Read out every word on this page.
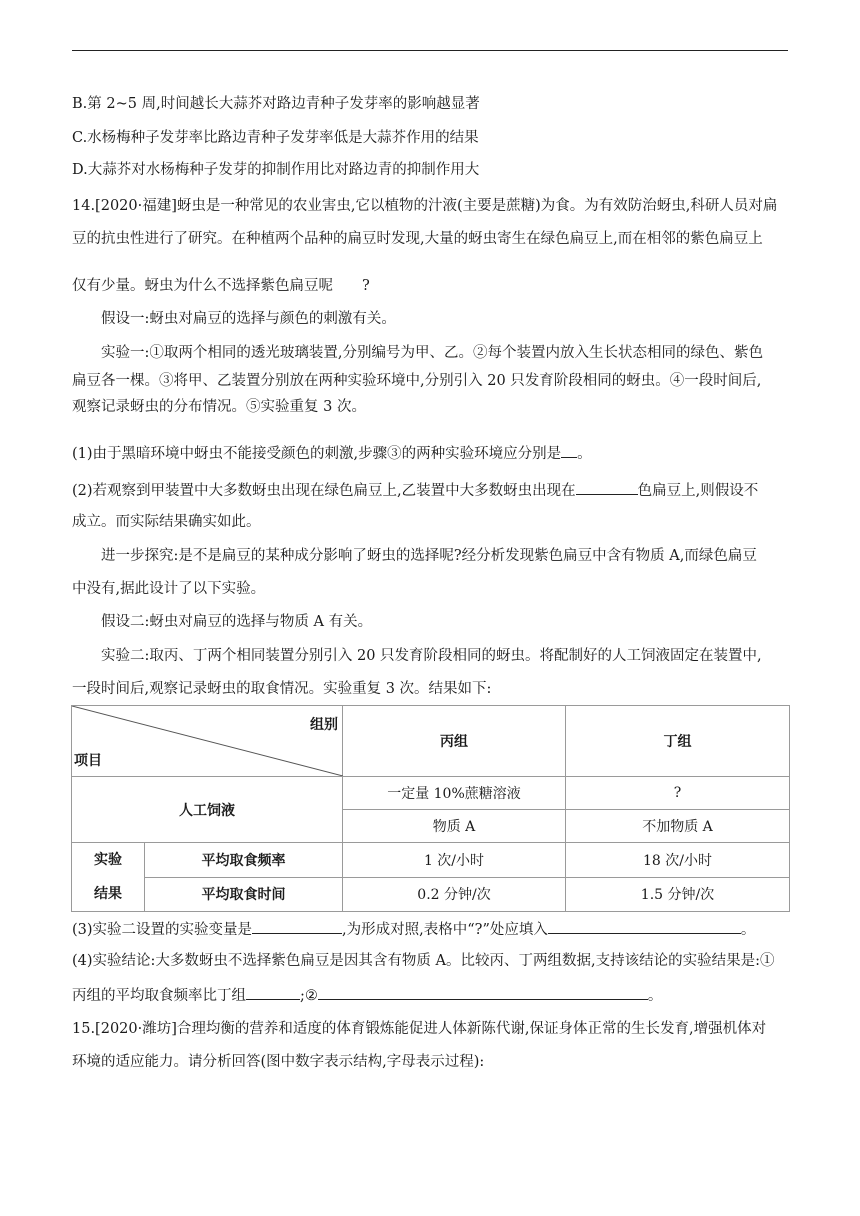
B.第 2~5 周,时间越长大蒜芥对路边青种子发芽率的影响越显著
C.水杨梅种子发芽率比路边青种子发芽率低是大蒜芥作用的结果
D.大蒜芥对水杨梅种子发芽的抑制作用比对路边青的抑制作用大
14.[2020·福建]蚜虫是一种常见的农业害虫,它以植物的汁液(主要是蔗糖)为食。为有效防治蚜虫,科研人员对扁
豆的抗虫性进行了研究。在种植两个品种的扁豆时发现,大量的蚜虫寄生在绿色扁豆上,而在相邻的紫色扁豆上
仅有少量。蚜虫为什么不选择紫色扁豆呢　　?
假设一:蚜虫对扁豆的选择与颜色的刺激有关。
实验一:①取两个相同的透光玻璃装置,分别编号为甲、乙。②每个装置内放入生长状态相同的绿色、紫色
扁豆各一棵。③将甲、乙装置分别放在两种实验环境中,分别引入 20 只发育阶段相同的蚜虫。④一段时间后,
观察记录蚜虫的分布情况。⑤实验重复 3 次。
(1)由于黑暗环境中蚜虫不能接受颜色的刺激,步骤③的两种实验环境应分别是 。
(2)若观察到甲装置中大多数蚜虫出现在绿色扁豆上,乙装置中大多数蚜虫出现在	色扁豆上,则假设不
成立。而实际结果确实如此。
进一步探究:是不是扁豆的某种成分影响了蚜虫的选择呢?经分析发现紫色扁豆中含有物质 A,而绿色扁豆
中没有,据此设计了以下实验。
假设二:蚜虫对扁豆的选择与物质 A 有关。
实验二:取丙、丁两个相同装置分别引入 20 只发育阶段相同的蚜虫。将配制好的人工饲液固定在装置中,
一段时间后,观察记录蚜虫的取食情况。实验重复 3 次。结果如下:
组别
项目		丙组	丁组
人工饲液		一定量 10%蔗糖溶液	?
		物质 A	不加物质 A
实验
结果	平均取食频率	1 次/小时	18 次/小时
	平均取食时间	0.2 分钟/次	1.5 分钟/次
(3)实验二设置的实验变量是	,为形成对照,表格中“?”处应填入	。
(4)实验结论:大多数蚜虫不选择紫色扁豆是因其含有物质 A。比较丙、丁两组数据,支持该结论的实验结果是:①
丙组的平均取食频率比丁组	;②	。
15.[2020·潍坊]合理均衡的营养和适度的体育锻炼能促进人体新陈代谢,保证身体正常的生长发育,增强机体对
环境的适应能力。请分析回答(图中数字表示结构,字母表示过程):
